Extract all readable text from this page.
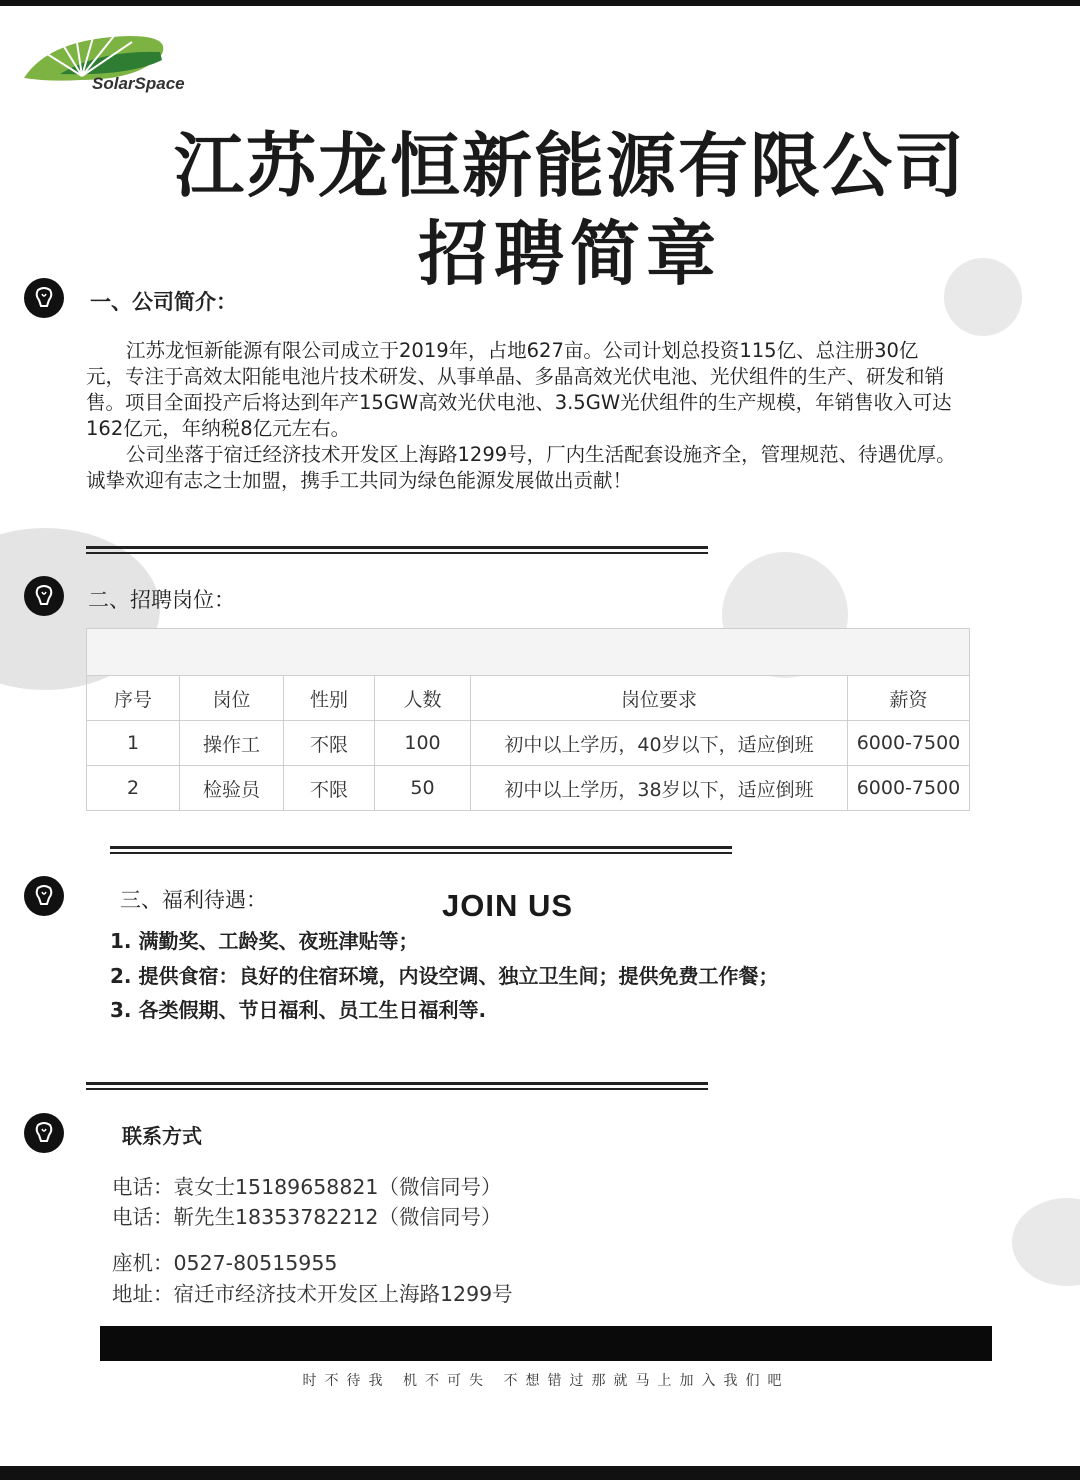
SolarSpace
江苏龙恒新能源有限公司
招聘简章
一、公司简介：

江苏龙恒新能源有限公司成立于2019年，占地627亩。公司计划总投资115亿、总注册30亿元，专注于高效太阳能电池片技术研发、从事单晶、多晶高效光伏电池、光伏组件的生产、研发和销售。项目全面投产后将达到年产15GW高效光伏电池、3.5GW光伏组件的生产规模，年销售收入可达162亿元，年纳税8亿元左右。

公司坐落于宿迁经济技术开发区上海路1299号，厂内生活配套设施齐全，管理规范、待遇优厚。诚挚欢迎有志之士加盟，携手工共同为绿色能源发展做出贡献！

二、招聘岗位：

序号	岗位	性别	人数	岗位要求	薪资
1	操作工	不限	100	初中以上学历，40岁以下，适应倒班	6000-7500
2	检验员	不限	50	初中以上学历，38岁以下，适应倒班	6000-7500
三、福利待遇：	JOIN US
1. 满勤奖、工龄奖、夜班津贴等；
2. 提供食宿：良好的住宿环境，内设空调、独立卫生间；提供免费工作餐；
3. 各类假期、节日福利、员工生日福利等.
联系方式
电话：袁女士15189658821（微信同号）
电话：靳先生18353782212（微信同号）
座机：0527-80515955
地址：宿迁市经济技术开发区上海路1299号
时不待我 机不可失 不想错过那就马上加入我们吧
